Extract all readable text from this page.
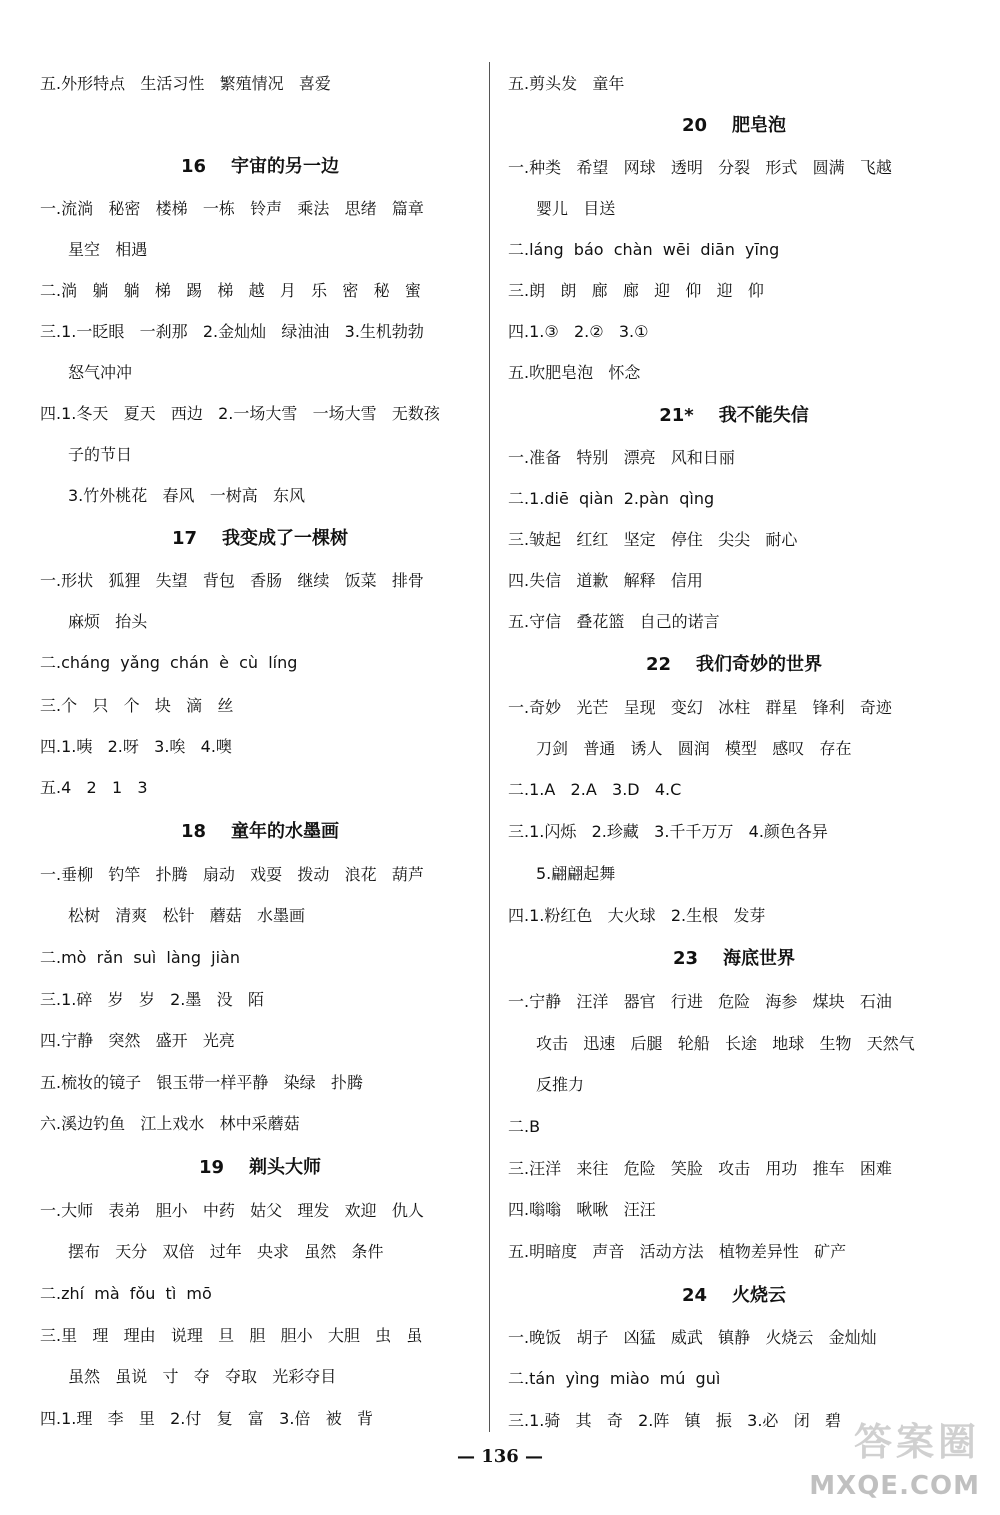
五.外形特点   生活习性   繁殖情况   喜爱
16    宇宙的另一边
一.流淌   秘密   楼梯   一栋   铃声   乘法   思绪   篇章
星空   相遇
二.淌   躺   躺   梯   踢   梯   越   月   乐   密   秘   蜜
三.1.一眨眼   一刹那   2.金灿灿   绿油油   3.生机勃勃
怒气冲冲
四.1.冬天   夏天   西边   2.一场大雪   一场大雪   无数孩
子的节日
3.竹外桃花   春风   一树高   东风
17    我变成了一棵树
一.形状   狐狸   失望   背包   香肠   继续   饭菜   排骨
麻烦   抬头
二.cháng  yǎng  chán  è  cù  líng
三.个   只   个   块   滴   丝
四.1.咦   2.呀   3.唉   4.噢
五.4   2   1   3
18    童年的水墨画
一.垂柳   钓竿   扑腾   扇动   戏耍   拨动   浪花   葫芦
松树   清爽   松针   蘑菇   水墨画
二.mò  rǎn  suì  làng  jiàn
三.1.碎   岁   岁   2.墨   没   陌
四.宁静   突然   盛开   光亮
五.梳妆的镜子   银玉带一样平静   染绿   扑腾
六.溪边钓鱼   江上戏水   林中采蘑菇
19    剃头大师
一.大师   表弟   胆小   中药   姑父   理发   欢迎   仇人
摆布   天分   双倍   过年   央求   虽然   条件
二.zhí  mà  fǒu  tì  mō
三.里   理   理由   说理   旦   胆   胆小   大胆   虫   虽
虽然   虽说   寸   夺   夺取   光彩夺目
四.1.理   李   里   2.付   复   富   3.倍   被   背
五.剪头发   童年
20    肥皂泡
一.种类   希望   网球   透明   分裂   形式   圆满   飞越
婴儿   目送
二.láng  báo  chàn  wēi  diān  yīng
三.朗   朗   廊   廊   迎   仰   迎   仰
四.1.③   2.②   3.①
五.吹肥皂泡   怀念
21*    我不能失信
一.准备   特别   漂亮   风和日丽
二.1.diē  qiàn  2.pàn  qìng
三.皱起   红红   坚定   停住   尖尖   耐心
四.失信   道歉   解释   信用
五.守信   叠花篮   自己的诺言
22    我们奇妙的世界
一.奇妙   光芒   呈现   变幻   冰柱   群星   锋利   奇迹
刀剑   普通   诱人   圆润   模型   感叹   存在
二.1.A   2.A   3.D   4.C
三.1.闪烁   2.珍藏   3.千千万万   4.颜色各异
5.翩翩起舞
四.1.粉红色   大火球   2.生根   发芽
23    海底世界
一.宁静   汪洋   器官   行进   危险   海参   煤块   石油
攻击   迅速   后腿   轮船   长途   地球   生物   天然气
反推力
二.B
三.汪洋   来往   危险   笑脸   攻击   用功   推车   困难
四.嗡嗡   啾啾   汪汪
五.明暗度   声音   活动方法   植物差异性   矿产
24    火烧云
一.晚饭   胡子   凶猛   威武   镇静   火烧云   金灿灿
二.tán  yìng  miào  mú  guì
三.1.骑   其   奇   2.阵   镇   振   3.必   闭   碧
— 136 —	答案圈
MXQE.COM
